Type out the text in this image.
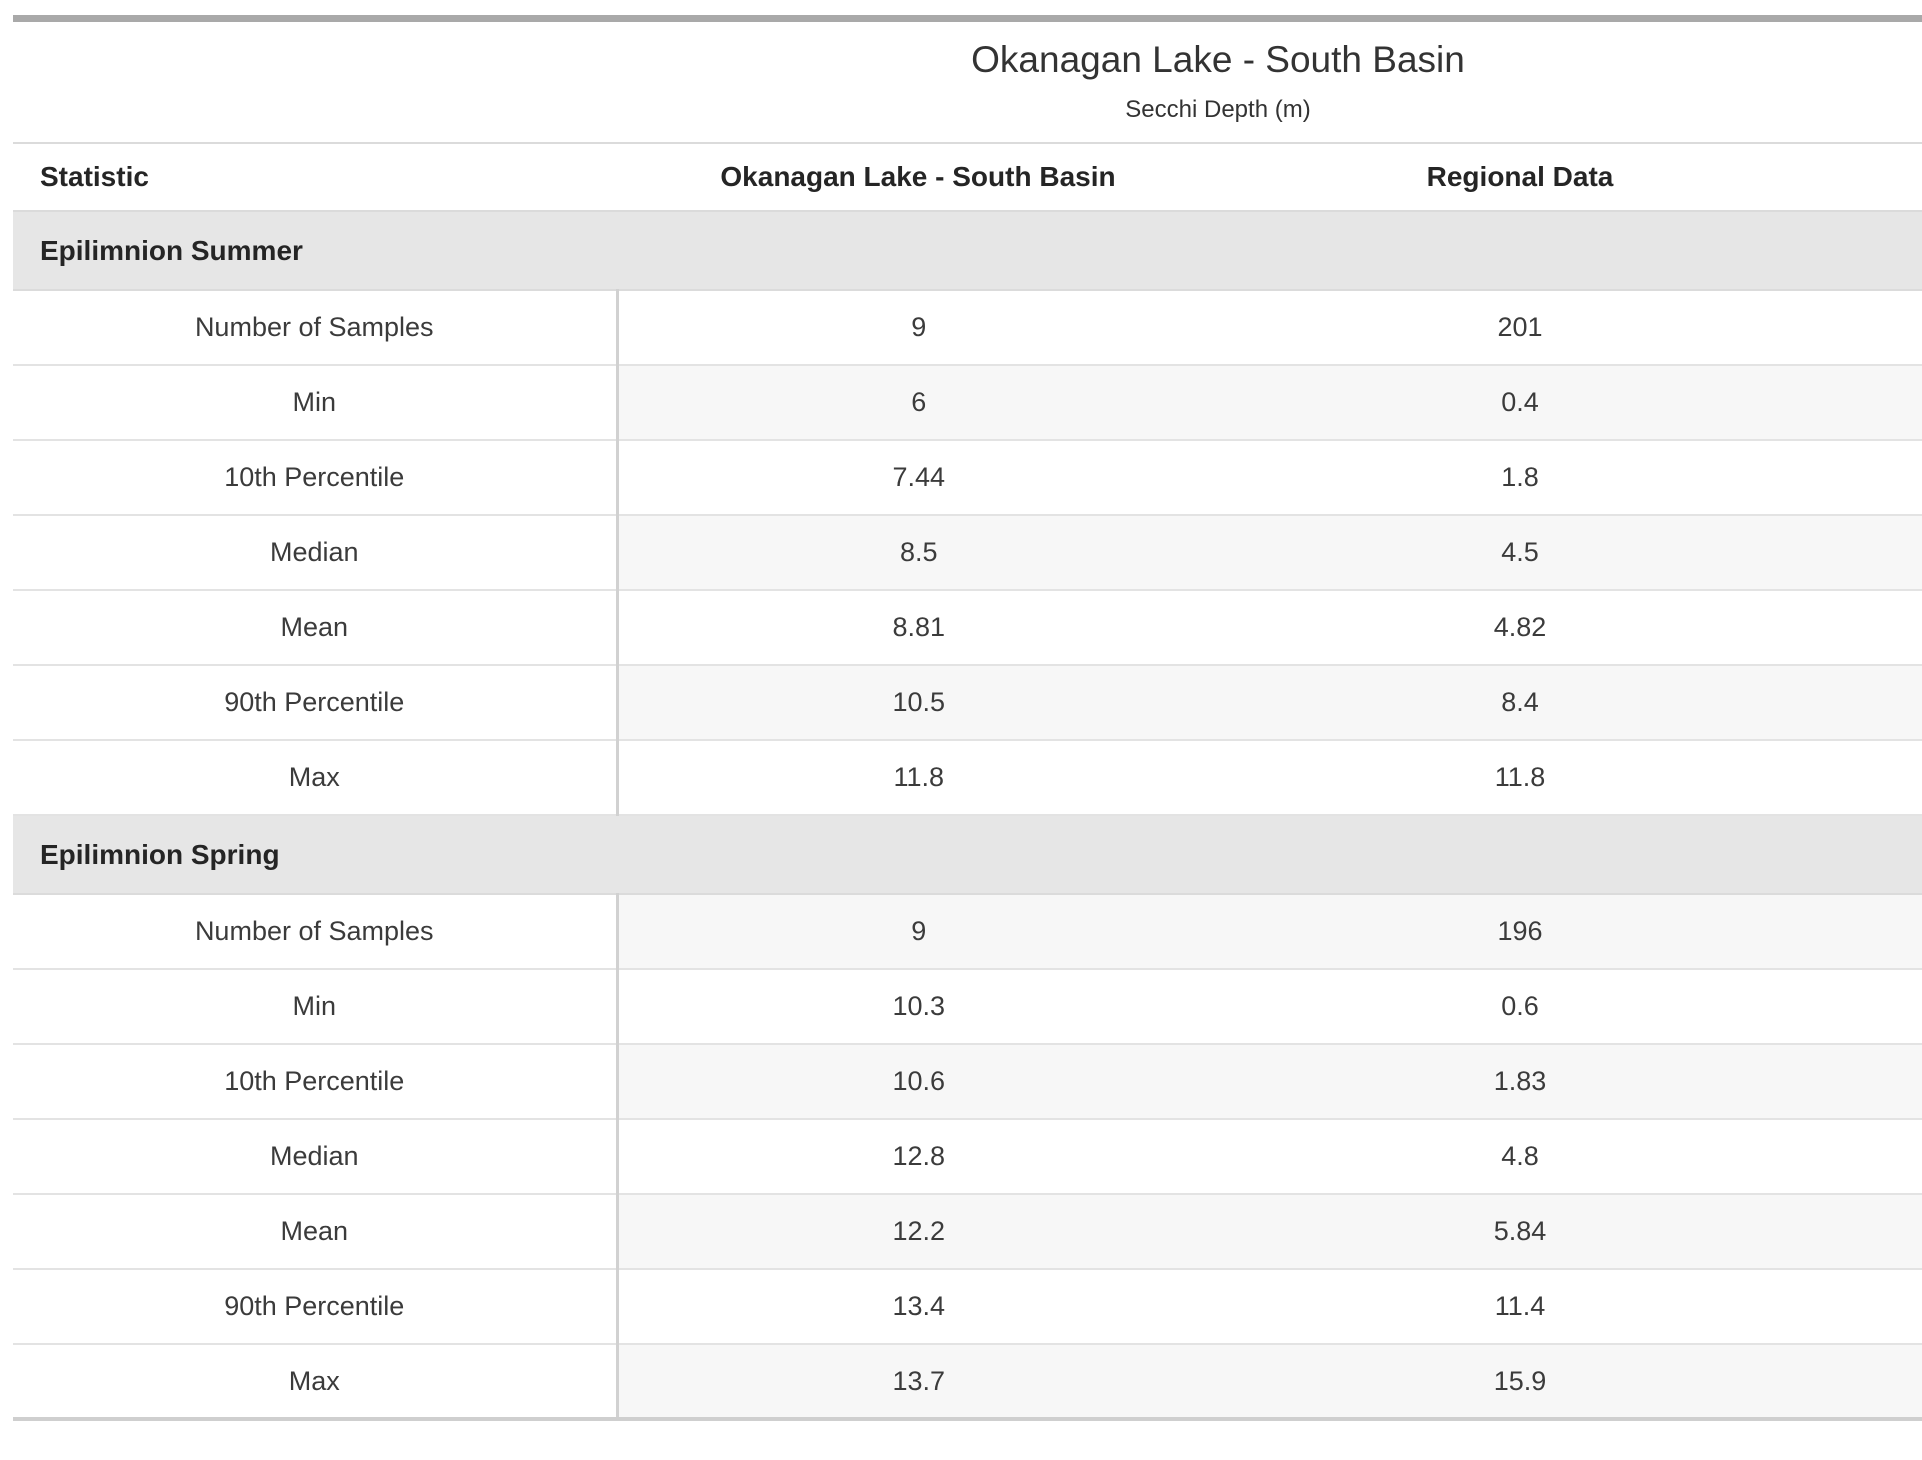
Okanagan Lake - South Basin
Secchi Depth (m)
Statistic	Okanagan Lake - South Basin	Regional Data	
Epilimnion Summer			
Number of Samples	9	201	
Min	6	0.4	
10th Percentile	7.44	1.8	
Median	8.5	4.5	
Mean	8.81	4.82	
90th Percentile	10.5	8.4	
Max	11.8	11.8	
Epilimnion Spring			
Number of Samples	9	196	
Min	10.3	0.6	
10th Percentile	10.6	1.83	
Median	12.8	4.8	
Mean	12.2	5.84	
90th Percentile	13.4	11.4	
Max	13.7	15.9	
